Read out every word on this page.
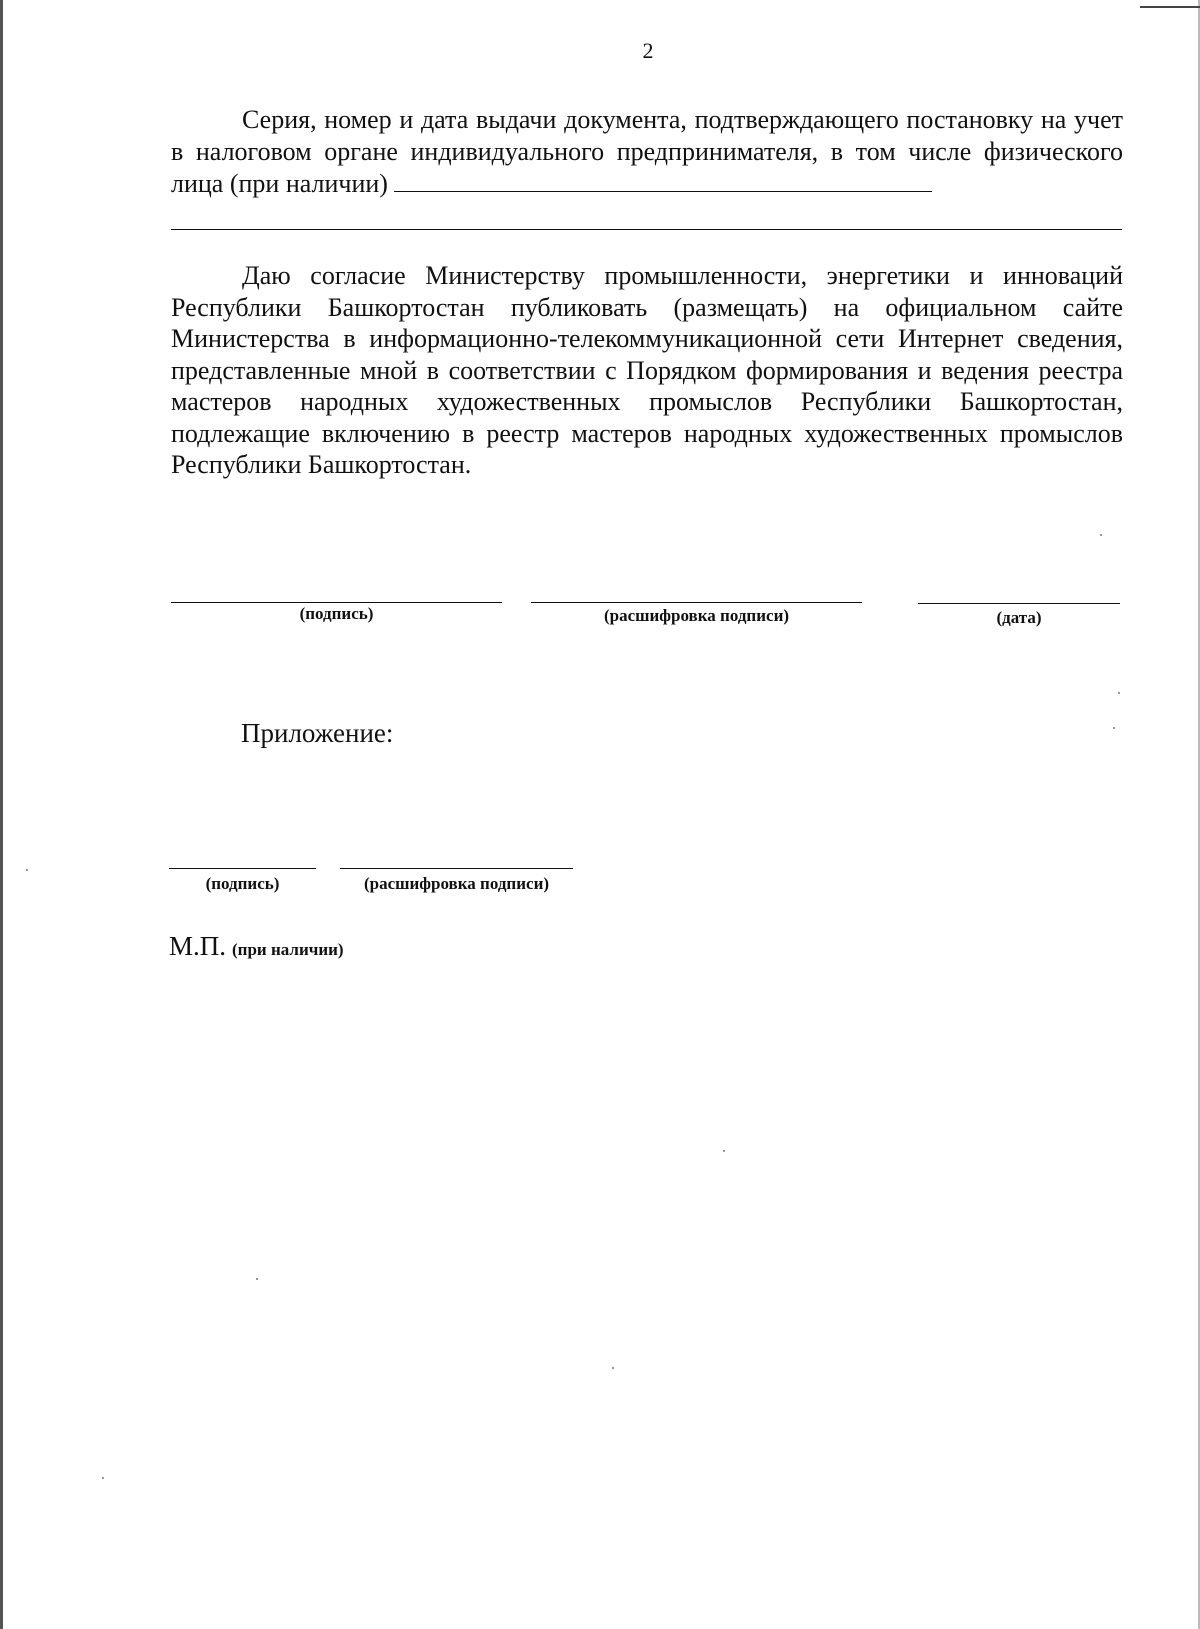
2

Серия, номер и дата выдачи документа, подтверждающего постановку на учет в налоговом органе индивидуального предпринимателя, в том числе физического лица (при наличии)

Даю согласие Министерству промышленности, энергетики и инноваций Республики Башкортостан публиковать (размещать) на официальном сайте Министерства в информационно-телекоммуникационной сети Интернет сведения, представленные мной в соответствии с Порядком формирования и ведения реестра мастеров народных художественных промыслов Республики Башкортостан, подлежащие включению в реестр мастеров народных художественных промыслов Республики Башкортостан.

(подпись)	(расшифровка подписи)	(дата)
Приложение:
(подпись)	(расшифровка подписи)
М.П. (при наличии)
